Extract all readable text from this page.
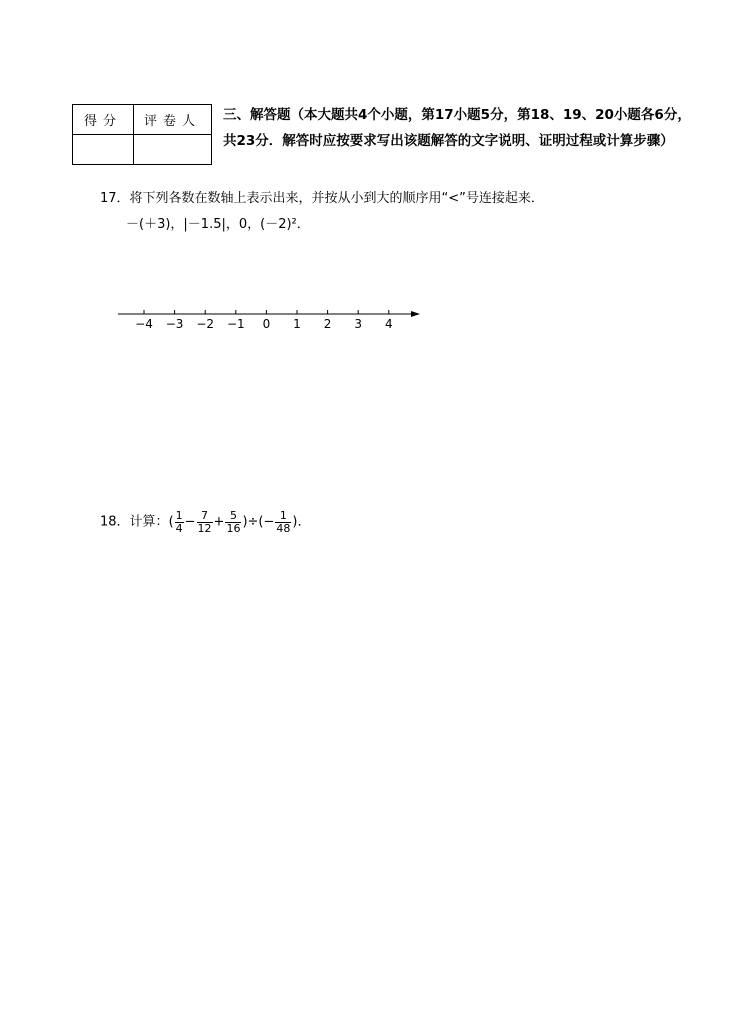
得分	评卷人
	三、解答题（本大题共4个小题，第17小题5分，第18、19、20小题各6分，共23分．解答时应按要求写出该题解答的文字说明、证明过程或计算步骤）
17．将下列各数在数轴上表示出来，并按从小到大的顺序用“<”号连接起来．
－(＋3)，|－1.5|，0，(－2)²．
−4 −3 −2 −1 0 1 2 3 4
18．计算：( $\frac{1}{4} - \frac{7}{12} + \frac{5}{16}$ )÷(− $\frac{1}{48}$ )．
